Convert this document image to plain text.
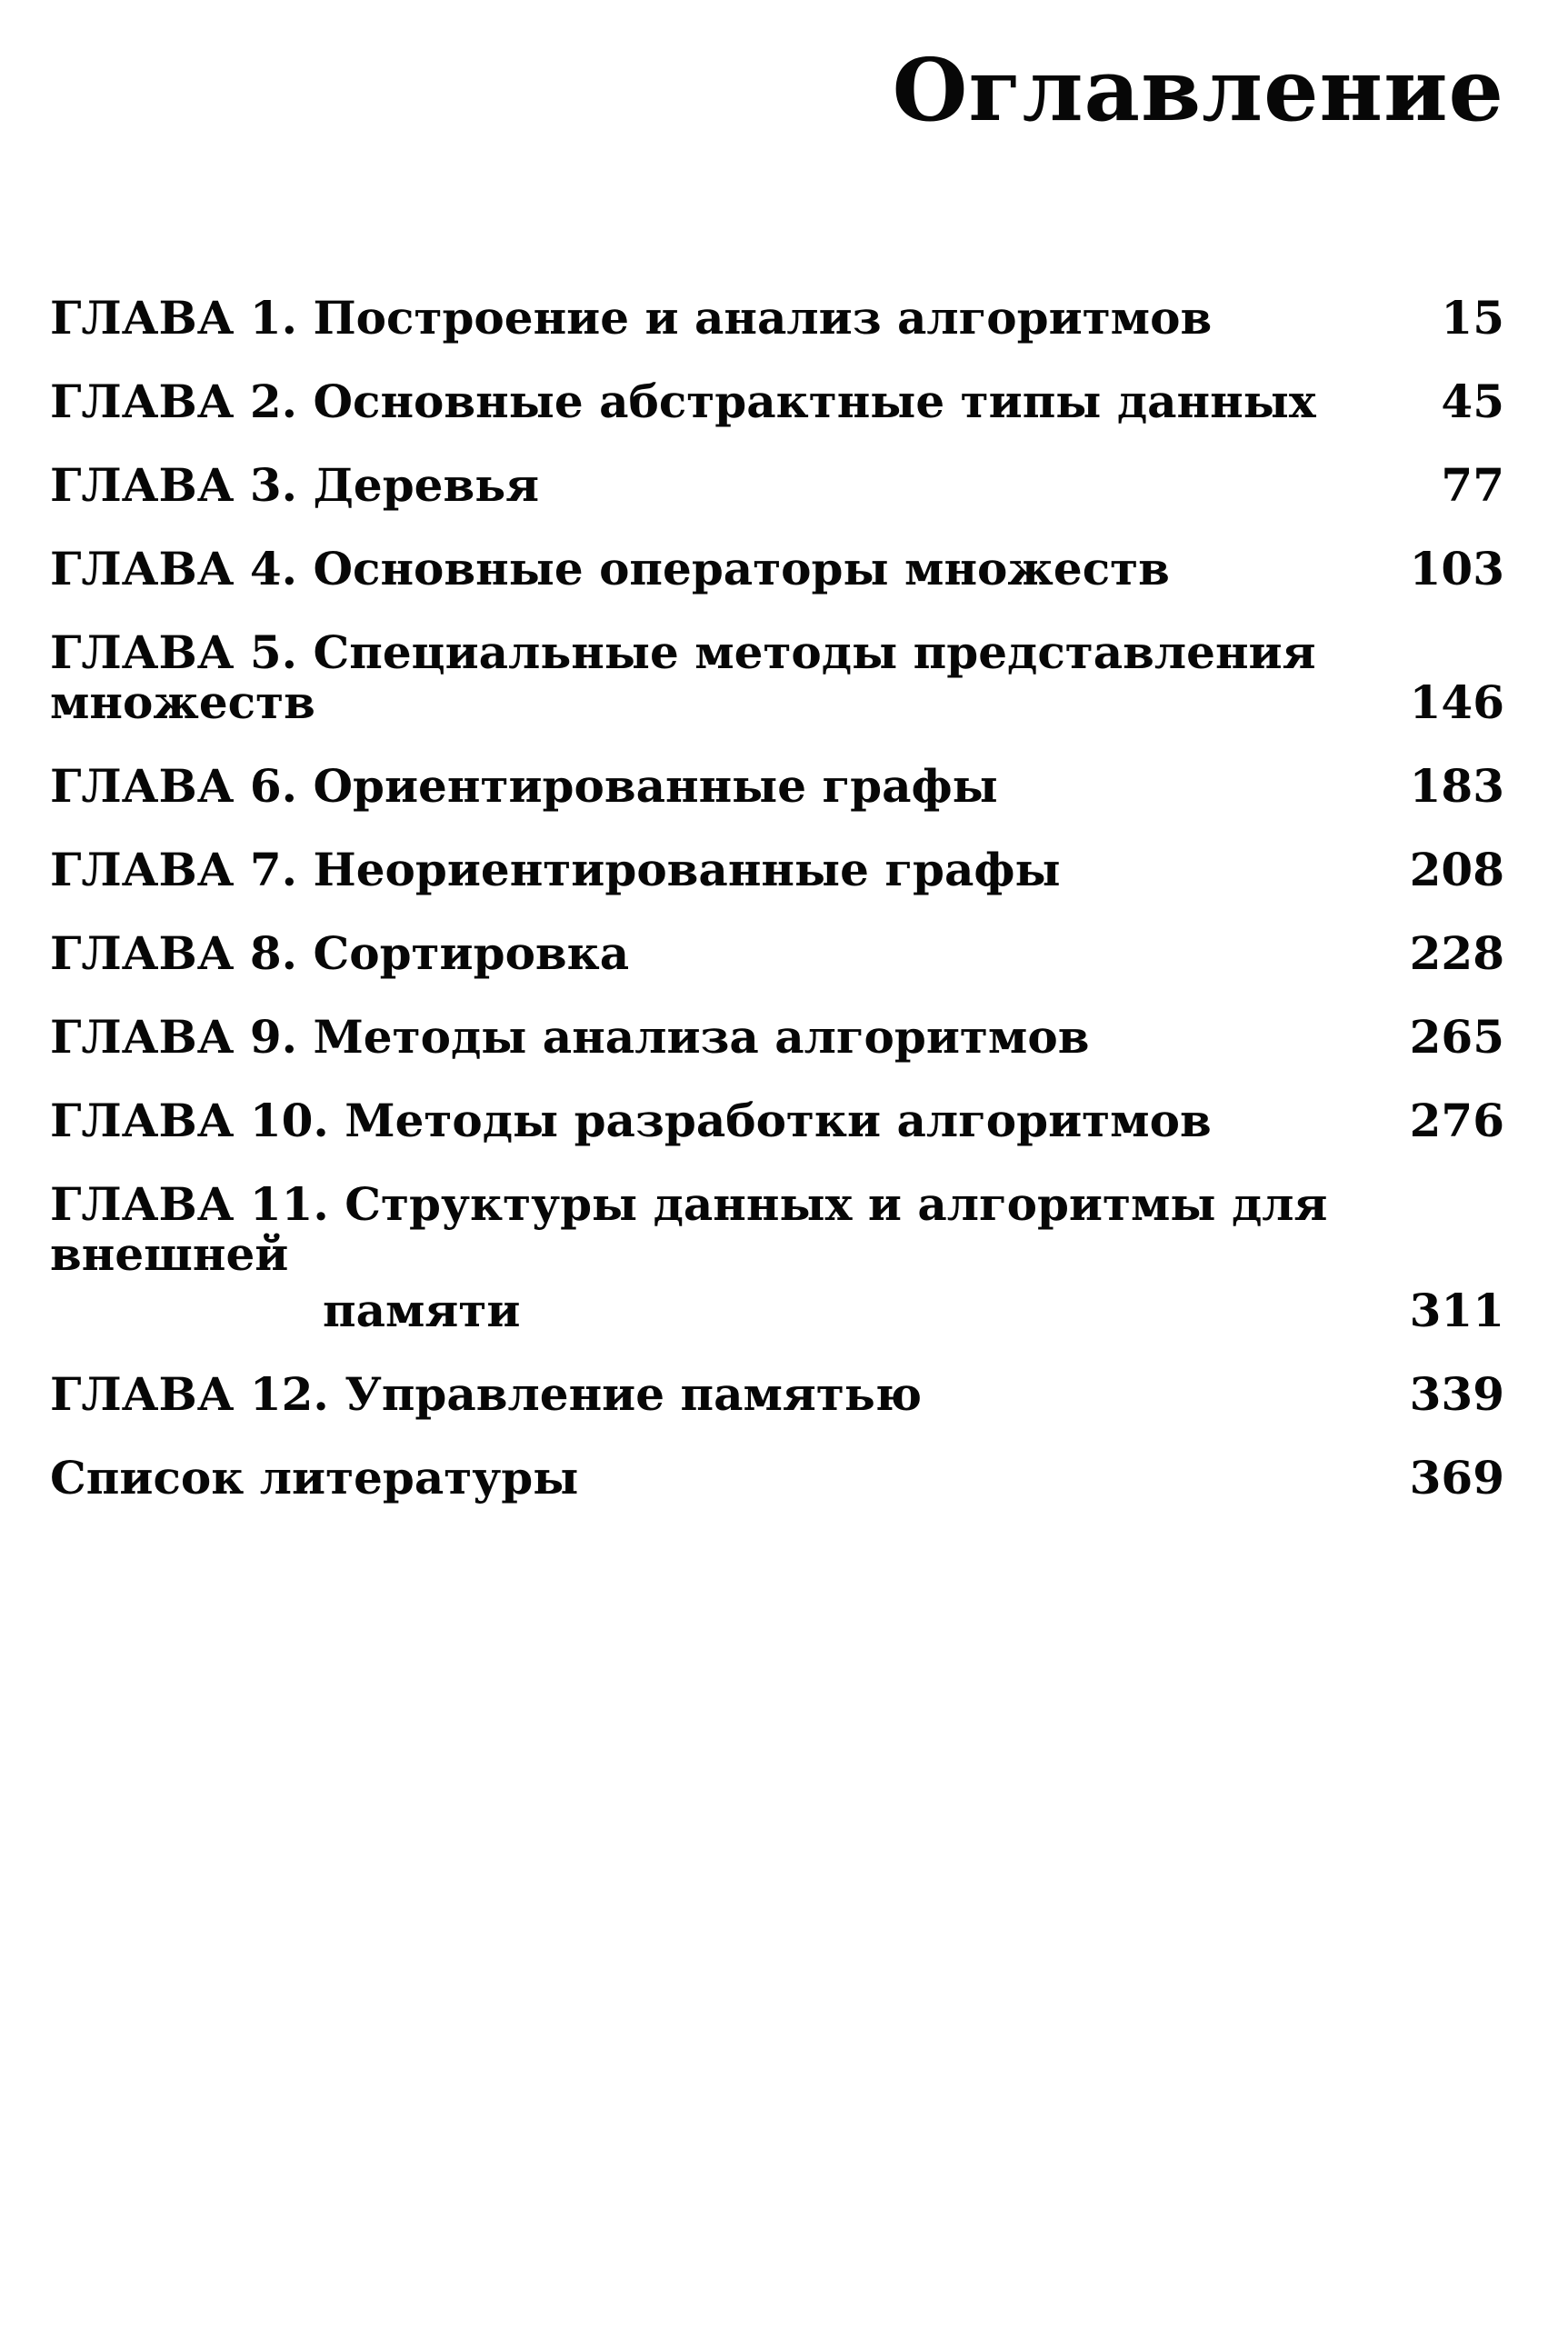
Оглавление
ГЛАВА 1. Построение и анализ алгоритмов	15
ГЛАВА 2. Основные абстрактные типы данных	45
ГЛАВА 3. Деревья	77
ГЛАВА 4. Основные операторы множеств	103
ГЛАВА 5. Специальные методы представления множеств	146
ГЛАВА 6. Ориентированные графы	183
ГЛАВА 7. Неориентированные графы	208
ГЛАВА 8. Сортировка	228
ГЛАВА 9. Методы анализа алгоритмов	265
ГЛАВА 10. Методы разработки алгоритмов	276
ГЛАВА 11. Структуры данных и алгоритмы для внешней
памяти	311
ГЛАВА 12. Управление памятью	339
Список литературы	369
